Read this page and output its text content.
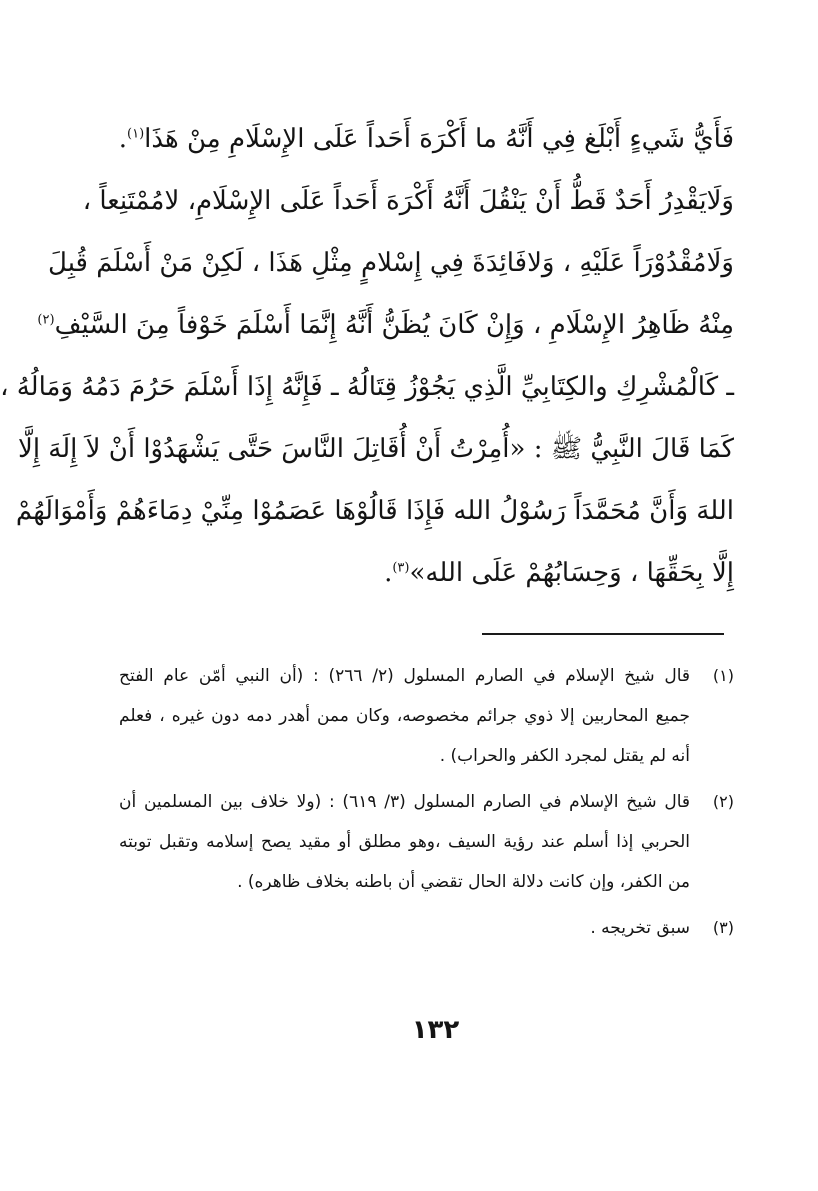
فَأَيُّ شَيءٍ أَبْلَغ فِي أَنَّهُ ما أَكْرَهَ أَحَداً عَلَى الإِسْلَامِ مِنْ هَذَا$^{(١)}$.
وَلَايَقْدِرُ أَحَدٌ قَطُّ أَنْ يَنْقُلَ أَنَّهُ أَكْرَهَ أَحَداً عَلَى الإِسْلَامِ، لامُمْتَنِعاً ،
وَلَامُقْدُوْرَاً عَلَيْهِ ، وَلافَائِدَةَ فِي إِسْلامٍ مِثْلِ هَذَا ، لَكِنْ مَنْ أَسْلَمَ قُبِلَ
مِنْهُ ظَاهِرُ الإِسْلَامِ ، وَإِنْ كَانَ يُظَنُّ أَنَّهُ إِنَّمَا أَسْلَمَ خَوْفاً مِنَ السَّيْفِ$^{(٢)}$
ـ كَالْمُشْرِكِ والكِتَابِيِّ الَّذِي يَجُوْزُ قِتَالُهُ ـ فَإِنَّهُ إِذَا أَسْلَمَ حَرُمَ دَمُهُ وَمَالُهُ ،
كَمَا قَالَ النَّبِيُّ ﷺ : «أُمِرْتُ أَنْ أُقَاتِلَ النَّاسَ حَتَّى يَشْهَدُوْا أَنْ لاَ إِلَهَ إِلَّا
اللهَ وَأَنَّ مُحَمَّدَاً رَسُوْلُ الله فَإِذَا قَالُوْهَا عَصَمُوْا مِنِّيْ دِمَاءَهُمْ وَأَمْوَالَهُمْ
إِلَّا بِحَقِّهَا ، وَحِسَابُهُمْ عَلَى الله»$^{(٣)}$.
(١)
قال شيخ الإسلام في الصارم المسلول (٢/ ٢٦٦) : (أن النبي أمّن عام الفتح
جميع المحاربين إلا ذوي جرائم مخصوصه، وكان ممن أهدر دمه دون غيره ، فعلم
أنه لم يقتل لمجرد الكفر والحراب) .
(٢)
قال شيخ الإسلام في الصارم المسلول (٣/ ٦١٩) : (ولا خلاف بين المسلمين أن
الحربي إذا أسلم عند رؤية السيف ،وهو مطلق أو مقيد يصح إسلامه وتقبل توبته
من الكفر، وإن كانت دلالة الحال تقضي أن باطنه بخلاف ظاهره) .
(٣)
سبق تخريجه .
١٣٢
